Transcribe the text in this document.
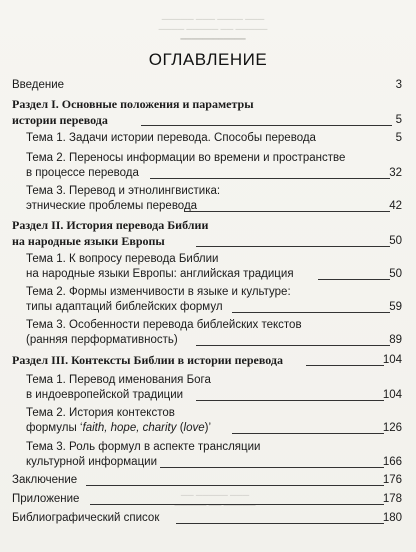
───── ─── ──── ───
──── ───── ── ─────
━━━━━━━━━━━━
── ───── ───
───── ── ─────
ОГЛАВЛЕНИЕ
Введение	3
Раздел I. Основные положения и параметры
истории перевода	5
Тема 1. Задачи истории перевода. Способы перевода	5
Тема 2. Переносы информации во времени и пространстве
в процессе перевода	32
Тема 3. Перевод и этнолингвистика:
этнические проблемы перевода	42
Раздел II. История перевода Библии
на народные языки Европы	50
Тема 1. К вопросу перевода Библии
на народные языки Европы: английская традиция	50
Тема 2. Формы изменчивости в языке и культуре:
типы адаптаций библейских формул	59
Тема 3. Особенности перевода библейских текстов
(ранняя перформативность)	89
Раздел III. Контексты Библии в истории перевода	104
Тема 1. Перевод именования Бога
в индоевропейской традиции	104
Тема 2. История контекстов
формулы ‘faith, hope, charity (love)’	126
Тема 3. Роль формул в аспекте трансляции
культурной информации	166
Заключение	176
Приложение	178
Библиографический список	180
